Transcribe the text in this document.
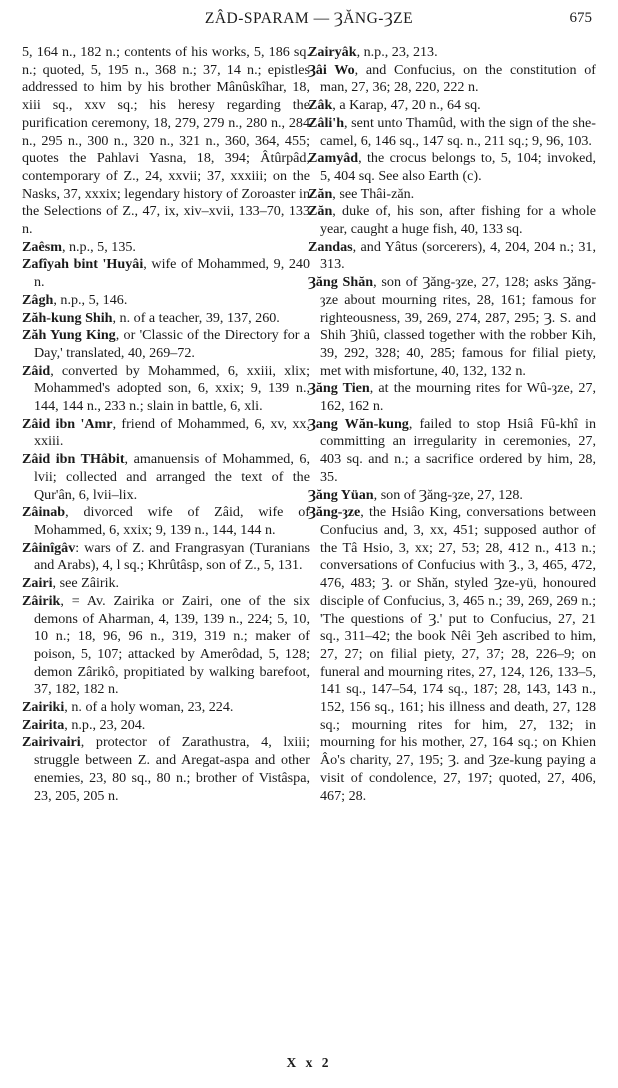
ZÂD-SPARAM — ȜĂNG-ȜZE	675

5, 164 n., 182 n.; contents of his works, 5, 186 sq. n.; quoted, 5, 195 n., 368 n.; 37, 14 n.; epistles addressed to him by his brother Mânûskîhar, 18, xiii sq., xxv sq.; his heresy regarding the purification ceremony, 18, 279, 279 n., 280 n., 284 n., 295 n., 300 n., 320 n., 321 n., 360, 364, 455; quotes the Pahlavi Yasna, 18, 394; Âtûrpâd, contemporary of Z., 24, xxvii; 37, xxxiii; on the Nasks, 37, xxxix; legendary history of Zoroaster in the Selections of Z., 47, ix, xiv–xvii, 133–70, 133 n.

Zaêsm, n.p., 5, 135.

Zafîyah bint 'Huyâi, wife of Mohammed, 9, 240 n.

Zâgh, n.p., 5, 146.

Zăh-kung Shih, n. of a teacher, 39, 137, 260.

Zăh Yung King, or 'Classic of the Directory for a Day,' translated, 40, 269–72.

Zâid, converted by Mohammed, 6, xxiii, xlix; Mohammed's adopted son, 6, xxix; 9, 139 n., 144, 144 n., 233 n.; slain in battle, 6, xli.

Zâid ibn 'Amr, friend of Mohammed, 6, xv, xx, xxiii.

Zâid ibn THâbit, amanuensis of Mohammed, 6, lvii; collected and arranged the text of the Qur'ân, 6, lvii–lix.

Zâinab, divorced wife of Zâid, wife of Mohammed, 6, xxix; 9, 139 n., 144, 144 n.

Zâinîgâv: wars of Z. and Frangrasyan (Turanians and Arabs), 4, l sq.; Khrûtâsp, son of Z., 5, 131.

Zairi, see Zâirik.

Zâirik, = Av. Zairika or Zairi, one of the six demons of Aharman, 4, 139, 139 n., 224; 5, 10, 10 n.; 18, 96, 96 n., 319, 319 n.; maker of poison, 5, 107; attacked by Amerôdad, 5, 128; demon Zârikô, propitiated by walking barefoot, 37, 182, 182 n.

Zairiki, n. of a holy woman, 23, 224.

Zairita, n.p., 23, 204.

Zairivairi, protector of Zarathustra, 4, lxiii; struggle between Z. and Aregat-aspa and other enemies, 23, 80 sq., 80 n.; brother of Vistâspa, 23, 205, 205 n.

Zairyâk, n.p., 23, 213.

Ȝâi Wo, and Confucius, on the constitution of man, 27, 36; 28, 220, 222 n.

Zâk, a Karap, 47, 20 n., 64 sq.

Zâli'h, sent unto Thamûd, with the sign of the she-camel, 6, 146 sq., 147 sq. n., 211 sq.; 9, 96, 103.

Zamyâd, the crocus belongs to, 5, 104; invoked, 5, 404 sq. See also Earth (c).

Zăn, see Thâi-zăn.

Zăn, duke of, his son, after fishing for a whole year, caught a huge fish, 40, 133 sq.

Zandas, and Yâtus (sorcerers), 4, 204, 204 n.; 31, 313.

Ȝăng Shăn, son of Ȝăng-ȝze, 27, 128; asks Ȝăng-ȝze about mourning rites, 28, 161; famous for righteousness, 39, 269, 274, 287, 295; Ȝ. S. and Shih Ȝhiû, classed together with the robber Kih, 39, 292, 328; 40, 285; famous for filial piety, met with misfortune, 40, 132, 132 n.

Ȝăng Tien, at the mourning rites for Wû-ȝze, 27, 162, 162 n.

Ȝang Wăn-kung, failed to stop Hsiâ Fû-khî in committing an irregularity in ceremonies, 27, 403 sq. and n.; a sacrifice ordered by him, 28, 35.

Ȝăng Yüan, son of Ȝăng-ȝze, 27, 128.

Ȝăng-ȝze, the Hsiâo King, conversations between Confucius and, 3, xx, 451; supposed author of the Tâ Hsio, 3, xx; 27, 53; 28, 412 n., 413 n.; conversations of Confucius with Ȝ., 3, 465, 472, 476, 483; Ȝ. or Shăn, styled Ȝze-yü, honoured disciple of Confucius, 3, 465 n.; 39, 269, 269 n.; 'The questions of Ȝ.' put to Confucius, 27, 21 sq., 311–42; the book Nêi Ȝeh ascribed to him, 27, 27; on filial piety, 27, 37; 28, 226–9; on funeral and mourning rites, 27, 124, 126, 133–5, 141 sq., 147–54, 174 sq., 187; 28, 143, 143 n., 152, 156 sq., 161; his illness and death, 27, 128 sq.; mourning rites for him, 27, 132; in mourning for his mother, 27, 164 sq.; on Khien Âo's charity, 27, 195; Ȝ. and Ȝze-kung paying a visit of condolence, 27, 197; quoted, 27, 406, 467; 28.

X x 2
